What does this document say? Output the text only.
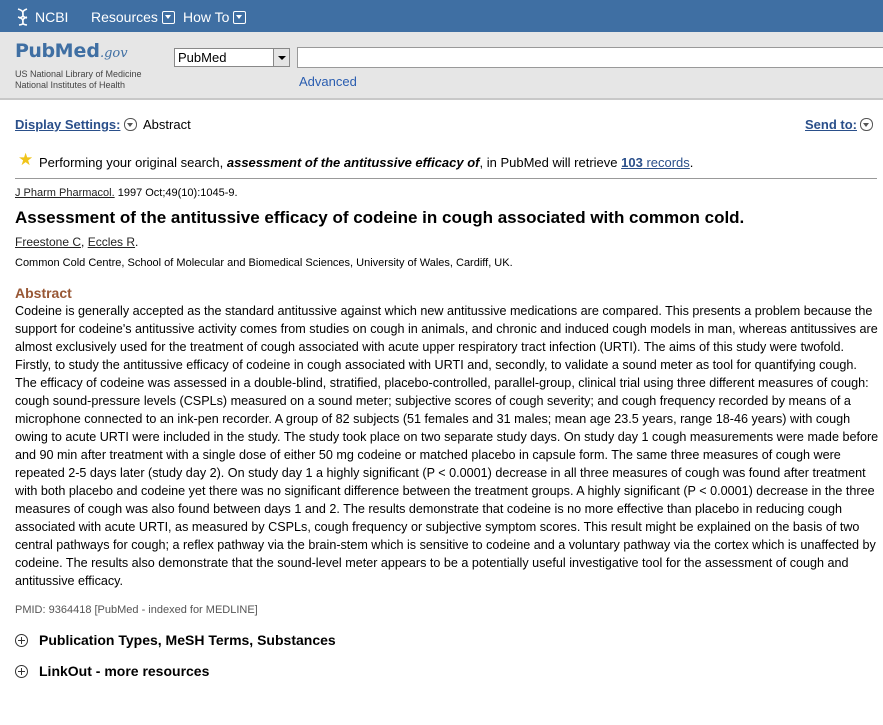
NCBI Resources How To
PubMed.gov
US National Library of Medicine
National Institutes of Health
PubMed
Advanced
Display Settings: Abstract	Send to:
★ Performing your original search, assessment of the antitussive efficacy of, in PubMed will retrieve 103 records.
J Pharm Pharmacol. 1997 Oct;49(10):1045-9.
Assessment of the antitussive efficacy of codeine in cough associated with common cold.
Freestone C, Eccles R.
Common Cold Centre, School of Molecular and Biomedical Sciences, University of Wales, Cardiff, UK.
Abstract
Codeine is generally accepted as the standard antitussive against which new antitussive medications are compared. This presents a problem because the support for codeine's antitussive activity comes from studies on cough in animals, and chronic and induced cough models in man, whereas antitussives are almost exclusively used for the treatment of cough associated with acute upper respiratory tract infection (URTI). The aims of this study were twofold. Firstly, to study the antitussive efficacy of codeine in cough associated with URTI and, secondly, to validate a sound meter as tool for quantifying cough. The efficacy of codeine was assessed in a double-blind, stratified, placebo-controlled, parallel-group, clinical trial using three different measures of cough: cough sound-pressure levels (CSPLs) measured on a sound meter; subjective scores of cough severity; and cough frequency recorded by means of a microphone connected to an ink-pen recorder. A group of 82 subjects (51 females and 31 males; mean age 23.5 years, range 18-46 years) with cough owing to acute URTI were included in the study. The study took place on two separate study days. On study day 1 cough measurements were made before and 90 min after treatment with a single dose of either 50 mg codeine or matched placebo in capsule form. The same three measures of cough were repeated 2-5 days later (study day 2). On study day 1 a highly significant (P < 0.0001) decrease in all three measures of cough was found after treatment with both placebo and codeine yet there was no significant difference between the treatment groups. A highly significant (P < 0.0001) decrease in the three measures of cough was also found between days 1 and 2. The results demonstrate that codeine is no more effective than placebo in reducing cough associated with acute URTI, as measured by CSPLs, cough frequency or subjective symptom scores. This result might be explained on the basis of two central pathways for cough; a reflex pathway via the brain-stem which is sensitive to codeine and a voluntary pathway via the cortex which is unaffected by codeine. The results also demonstrate that the sound-level meter appears to be a potentially useful investigative tool for the assessment of cough and antitussive efficacy.
PMID: 9364418 [PubMed - indexed for MEDLINE]
Publication Types, MeSH Terms, Substances
LinkOut - more resources
